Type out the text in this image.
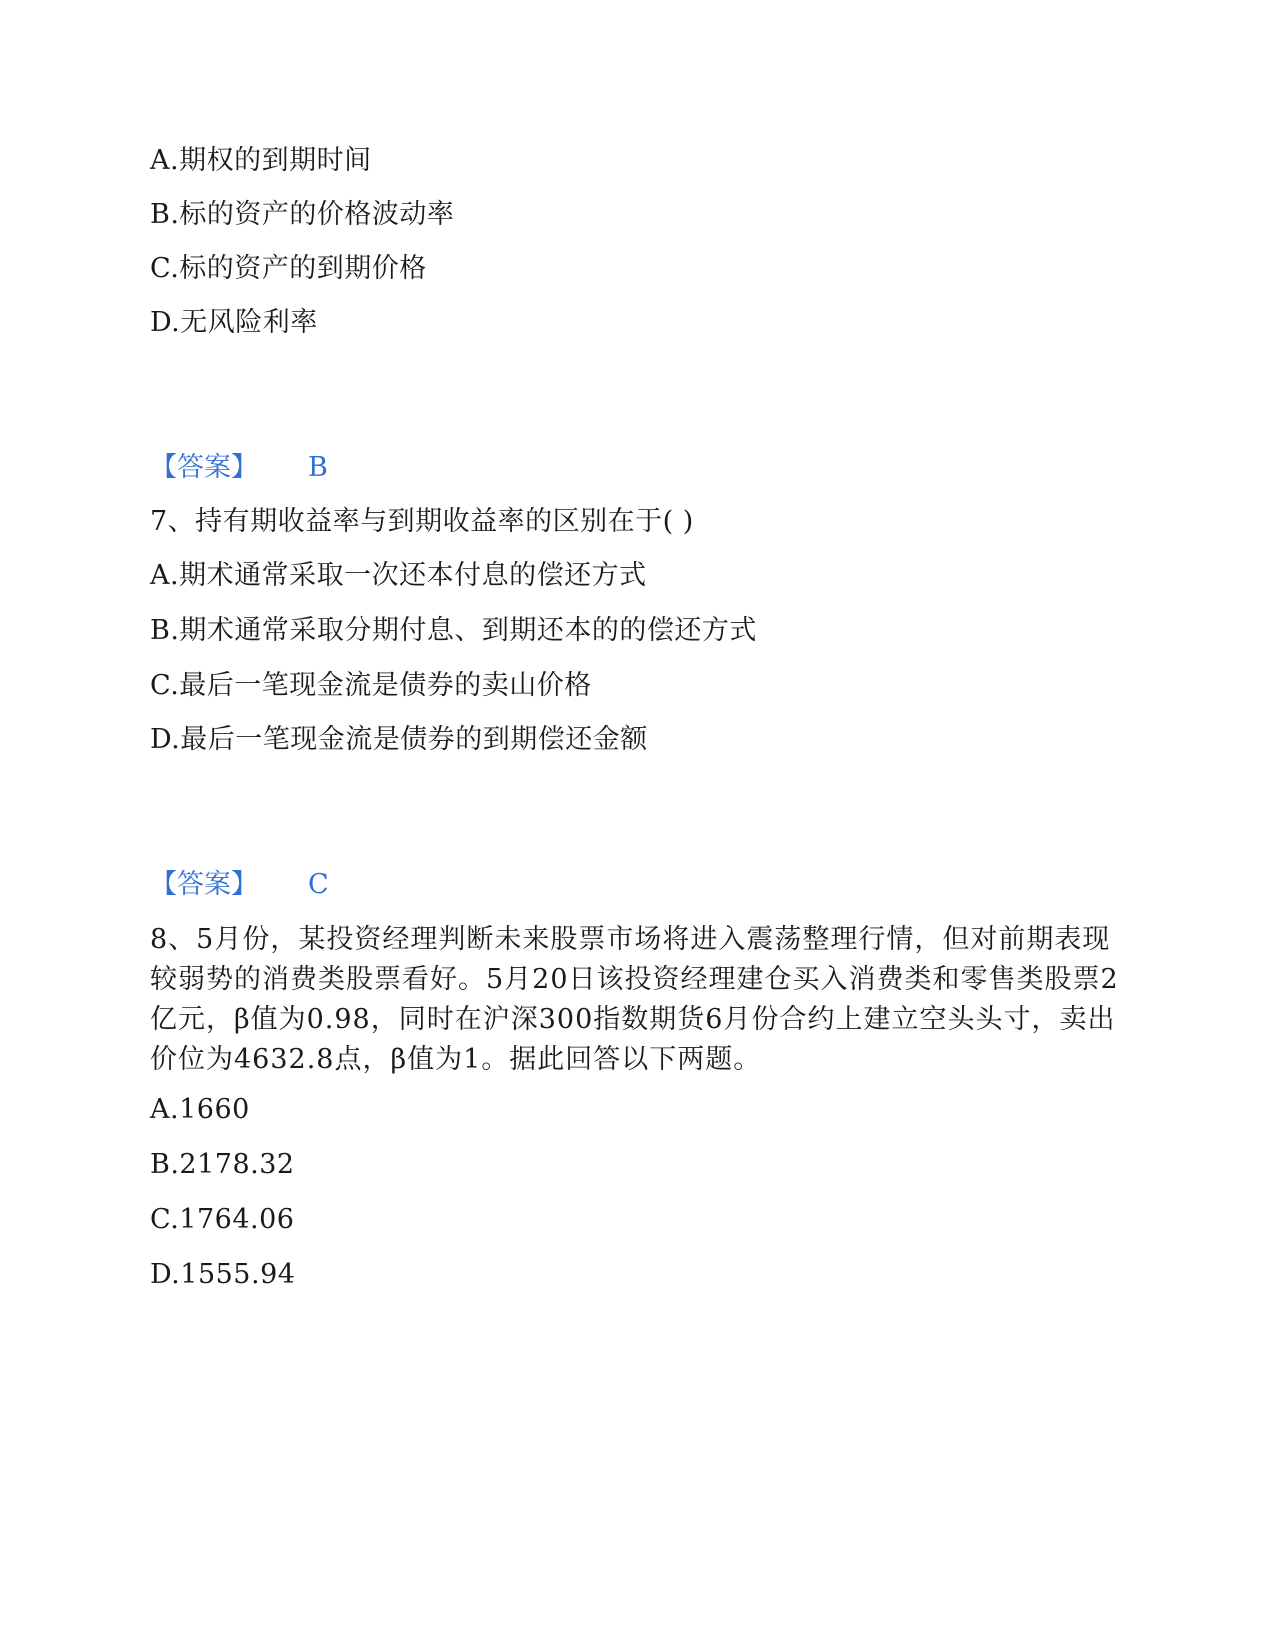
A.期权的到期时间
B.标的资产的价格波动率
C.标的资产的到期价格
D.无风险利率
【答案】 B
7、持有期收益率与到期收益率的区别在于( )
A.期术通常采取一次还本付息的偿还方式
B.期术通常采取分期付息、到期还本的的偿还方式
C.最后一笔现金流是债券的卖山价格
D.最后一笔现金流是债券的到期偿还金额
【答案】 C
8、5月份，某投资经理判断未来股票市场将进入震荡整理行情，但对前期表现较弱势的消费类股票看好。5月20日该投资经理建仓买入消费类和零售类股票2亿元，β值为0.98，同时在沪深300指数期货6月份合约上建立空头头寸，卖出价位为4632.8点，β值为1。据此回答以下两题。
A.1660
B.2178.32
C.1764.06
D.1555.94
